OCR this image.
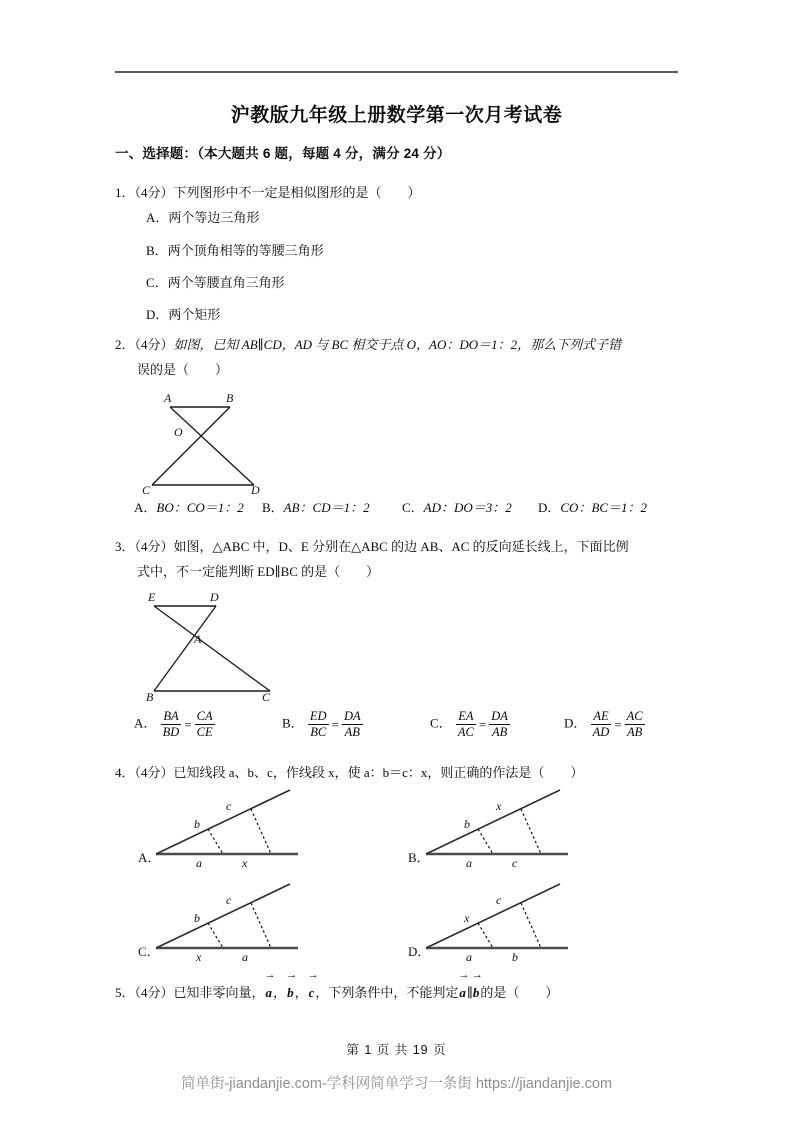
沪教版九年级上册数学第一次月考试卷
一、选择题：（本大题共 6 题，每题 4 分，满分 24 分）
1．（4分）下列图形中不一定是相似图形的是（　　）
A．两个等边三角形
B．两个顶角相等的等腰三角形
C．两个等腰直角三角形
D．两个矩形
2．（4分）如图，已知 AB∥CD，AD 与 BC 相交于点 O，AO：DO＝1：2，那么下列式子错
误的是（　　）
A	B
C	D
O
A．BO：CO＝1：2 B．AB：CD＝1：2 C．AD：DO＝3：2 D．CO：BC＝1：2
3．（4分）如图，△ABC 中，D、E 分别在△ABC 的边 AB、AC 的反向延长线上，下面比例
式中，不一定能判断 ED∥BC 的是（　　）
E	D
A
B	C
A． $\frac{BA}{BD} = \frac{CA}{CE}$	B． $\frac{ED}{BC} = \frac{DA}{AB}$	C． $\frac{EA}{AC} = \frac{DA}{AB}$	D． $\frac{AE}{AD} = \frac{AC}{AB}$
4．（4分）已知线段 a、b、c，作线段 x，使 a：b＝c：x，则正确的作法是（　　）
b
c
a	x
A．
b
x
a	c
B．
b
c
x	a
C．
x
c
a	b
D．
5．（4分）已知非零向量，→ a，→ b，→ c，下列条件中，不能判定→ a∥→ b的是（　　）
第 1 页 共 19 页
简单街-jiandanjie.com-学科网简单学习一条街 https://jiandanjie.com
